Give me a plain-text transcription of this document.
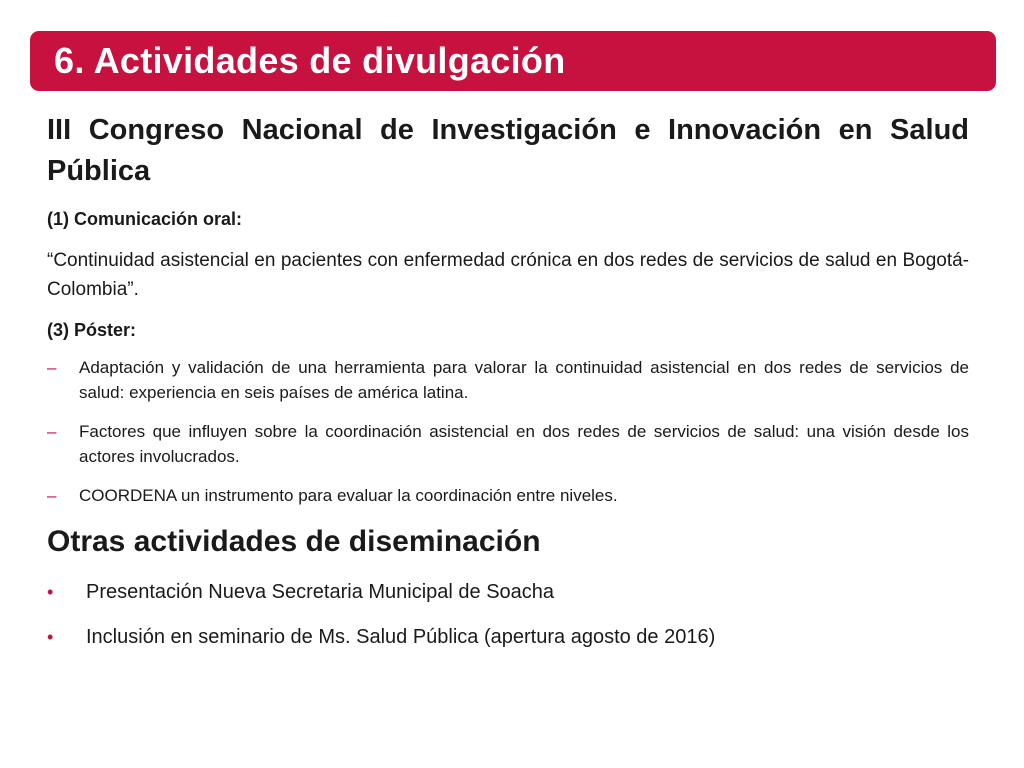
6. Actividades de divulgación
III Congreso Nacional de Investigación e Innovación en Salud Pública
(1) Comunicación oral:

“Continuidad asistencial en pacientes con enfermedad crónica en dos redes de servicios de salud en Bogotá- Colombia”.

(3) Póster:
– Adaptación y validación de una herramienta para valorar la continuidad asistencial en dos redes de servicios de salud: experiencia en seis países de américa latina.
– Factores que influyen sobre la coordinación asistencial en dos redes de servicios de salud: una visión desde los actores involucrados.
– COORDENA un instrumento para evaluar la coordinación entre niveles.
Otras actividades de diseminación
• Presentación Nueva Secretaria Municipal de Soacha
• Inclusión en seminario de Ms. Salud Pública (apertura agosto de 2016)
